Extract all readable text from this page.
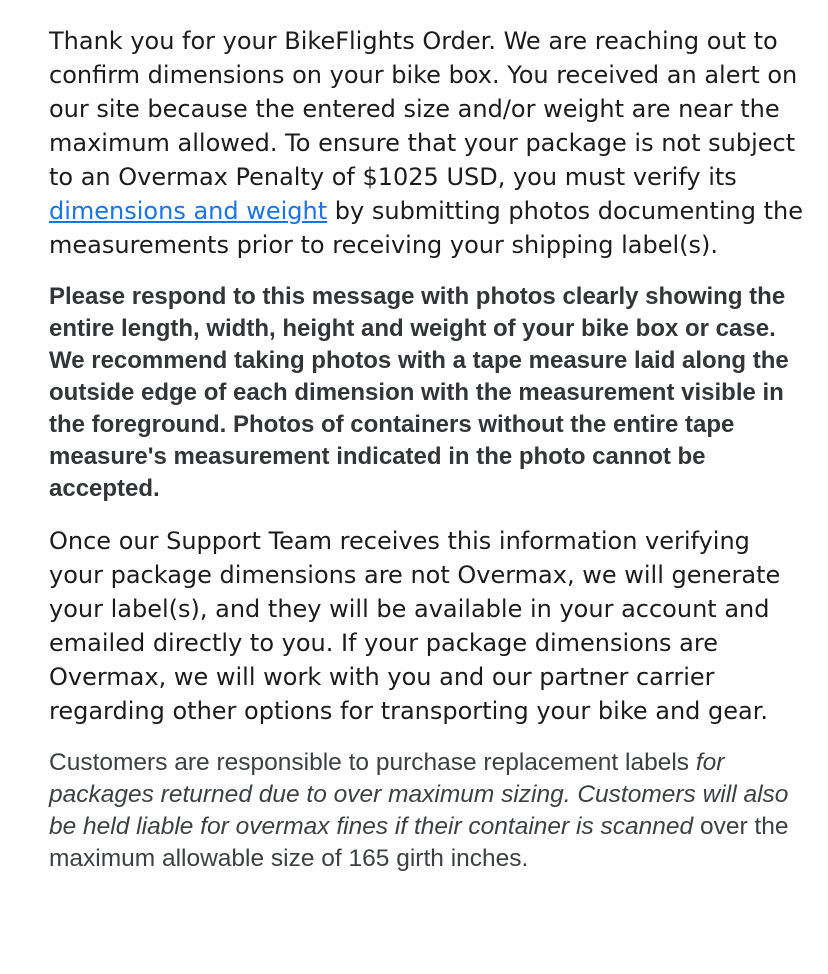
Thank you for your BikeFlights Order. We are reaching out to confirm dimensions on your bike box. You received an alert on our site because the entered size and/or weight are near the maximum allowed. To ensure that your package is not subject to an Overmax Penalty of $1025 USD, you must verify its dimensions and weight by submitting photos documenting the measurements prior to receiving your shipping label(s).

Please respond to this message with photos clearly showing the entire length, width, height and weight of your bike box or case. We recommend taking photos with a tape measure laid along the outside edge of each dimension with the measurement visible in the foreground. Photos of containers without the entire tape measure's measurement indicated in the photo cannot be accepted.

Once our Support Team receives this information verifying your package dimensions are not Overmax, we will generate your label(s), and they will be available in your account and emailed directly to you. If your package dimensions are Overmax, we will work with you and our partner carrier regarding other options for transporting your bike and gear.

Customers are responsible to purchase replacement labels for packages returned due to over maximum sizing. Customers will also be held liable for overmax fines if their container is scanned over the maximum allowable size of 165 girth inches.
